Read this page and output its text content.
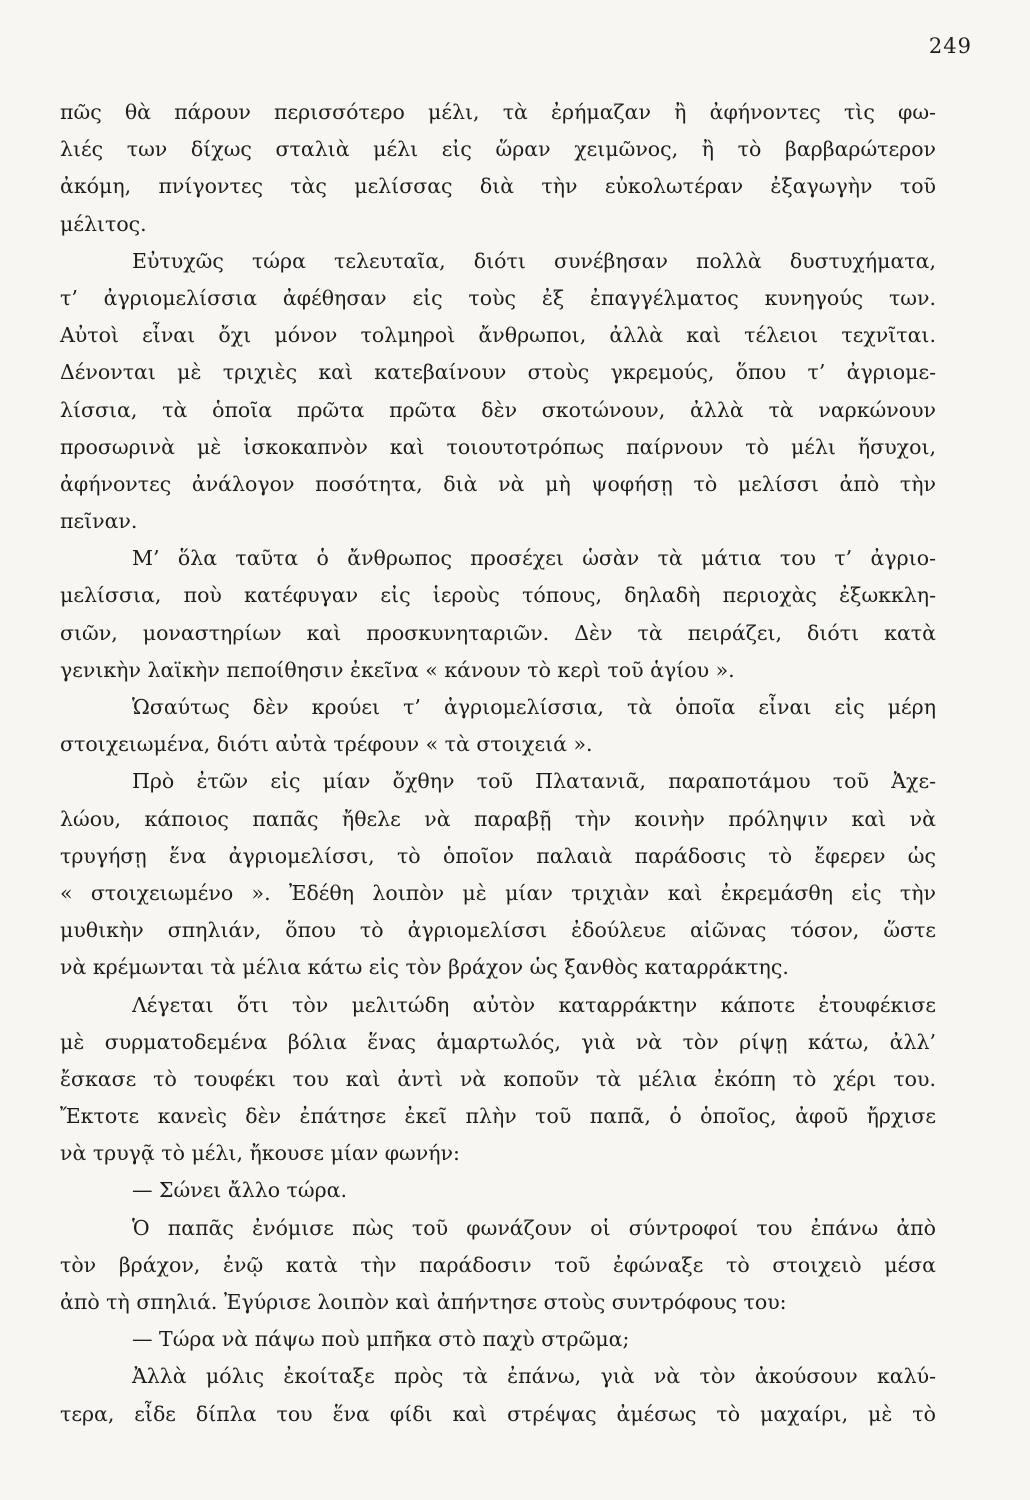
249
πῶς θὰ πάρουν περισσότερο μέλι, τὰ ἐρήμαζαν ἢ ἀφήνοντες τὶς φω-
λιές των δίχως σταλιὰ μέλι εἰς ὥραν χειμῶνος, ἢ τὸ βαρβαρώτερον
ἀκόμη, πνίγοντες τὰς μελίσσας διὰ τὴν εὐκολωτέραν ἐξαγωγὴν τοῦ
μέλιτος.
Εὐτυχῶς τώρα τελευταῖα, διότι συνέβησαν πολλὰ δυστυχήματα,
τ’ ἀγριομελίσσια ἀφέθησαν εἰς τοὺς ἐξ ἐπαγγέλματος κυνηγούς των.
Αὐτοὶ εἶναι ὄχι μόνον τολμηροὶ ἄνθρωποι, ἀλλὰ καὶ τέλειοι τεχνῖται.
Δένονται μὲ τριχιὲς καὶ κατεβαίνουν στοὺς γκρεμούς, ὅπου τ’ ἀγριομε-
λίσσια, τὰ ὁποῖα πρῶτα πρῶτα δὲν σκοτώνουν, ἀλλὰ τὰ ναρκώνουν
προσωρινὰ μὲ ἰσκοκαπνὸν καὶ τοιουτοτρόπως παίρνουν τὸ μέλι ἥσυχοι,
ἀφήνοντες ἀνάλογον ποσότητα, διὰ νὰ μὴ ψοφήσῃ τὸ μελίσσι ἀπὸ τὴν
πεῖναν.
Μ’ ὅλα ταῦτα ὁ ἄνθρωπος προσέχει ὡσὰν τὰ μάτια του τ’ ἀγριο-
μελίσσια, ποὺ κατέφυγαν εἰς ἱεροὺς τόπους, δηλαδὴ περιοχὰς ἐξωκκλη-
σιῶν, μοναστηρίων καὶ προσκυνηταριῶν. Δὲν τὰ πειράζει, διότι κατὰ
γενικὴν λαϊκὴν πεποίθησιν ἐκεῖνα « κάνουν τὸ κερὶ τοῦ ἁγίου ».
Ὡσαύτως δὲν κρούει τ’ ἀγριομελίσσια, τὰ ὁποῖα εἶναι εἰς μέρη
στοιχειωμένα, διότι αὐτὰ τρέφουν « τὰ στοιχειά ».
Πρὸ ἐτῶν εἰς μίαν ὄχθην τοῦ Πλατανιᾶ, παραποτάμου τοῦ Ἀχε-
λώου, κάποιος παπᾶς ἤθελε νὰ παραβῇ τὴν κοινὴν πρόληψιν καὶ νὰ
τρυγήσῃ ἕνα ἀγριομελίσσι, τὸ ὁποῖον παλαιὰ παράδοσις τὸ ἔφερεν ὡς
« στοιχειωμένο ». Ἐδέθη λοιπὸν μὲ μίαν τριχιὰν καὶ ἐκρεμάσθη εἰς τὴν
μυθικὴν σπηλιάν, ὅπου τὸ ἀγριομελίσσι ἐδούλευε αἰῶνας τόσον, ὥστε
νὰ κρέμωνται τὰ μέλια κάτω εἰς τὸν βράχον ὡς ξανθὸς καταρράκτης.
Λέγεται ὅτι τὸν μελιτώδη αὐτὸν καταρράκτην κάποτε ἐτουφέκισε
μὲ συρματοδεμένα βόλια ἕνας ἁμαρτωλός, γιὰ νὰ τὸν ρίψῃ κάτω, ἀλλ’
ἔσκασε τὸ τουφέκι του καὶ ἀντὶ νὰ κοποῦν τὰ μέλια ἐκόπη τὸ χέρι του.
Ἔκτοτε κανεὶς δὲν ἐπάτησε ἐκεῖ πλὴν τοῦ παπᾶ, ὁ ὁποῖος, ἀφοῦ ἤρχισε
νὰ τρυγᾷ τὸ μέλι, ἤκουσε μίαν φωνήν:
— Σώνει ἄλλο τώρα.
Ὁ παπᾶς ἐνόμισε πὼς τοῦ φωνάζουν οἱ σύντροφοί του ἐπάνω ἀπὸ
τὸν βράχον, ἐνῷ κατὰ τὴν παράδοσιν τοῦ ἐφώναξε τὸ στοιχειὸ μέσα
ἀπὸ τὴ σπηλιά. Ἐγύρισε λοιπὸν καὶ ἀπήντησε στοὺς συντρόφους του:
— Τώρα νὰ πάψω ποὺ μπῆκα στὸ παχὺ στρῶμα;
Ἀλλὰ μόλις ἐκοίταξε πρὸς τὰ ἐπάνω, γιὰ νὰ τὸν ἀκούσουν καλύ-
τερα, εἶδε δίπλα του ἕνα φίδι καὶ στρέψας ἀμέσως τὸ μαχαίρι, μὲ τὸ
